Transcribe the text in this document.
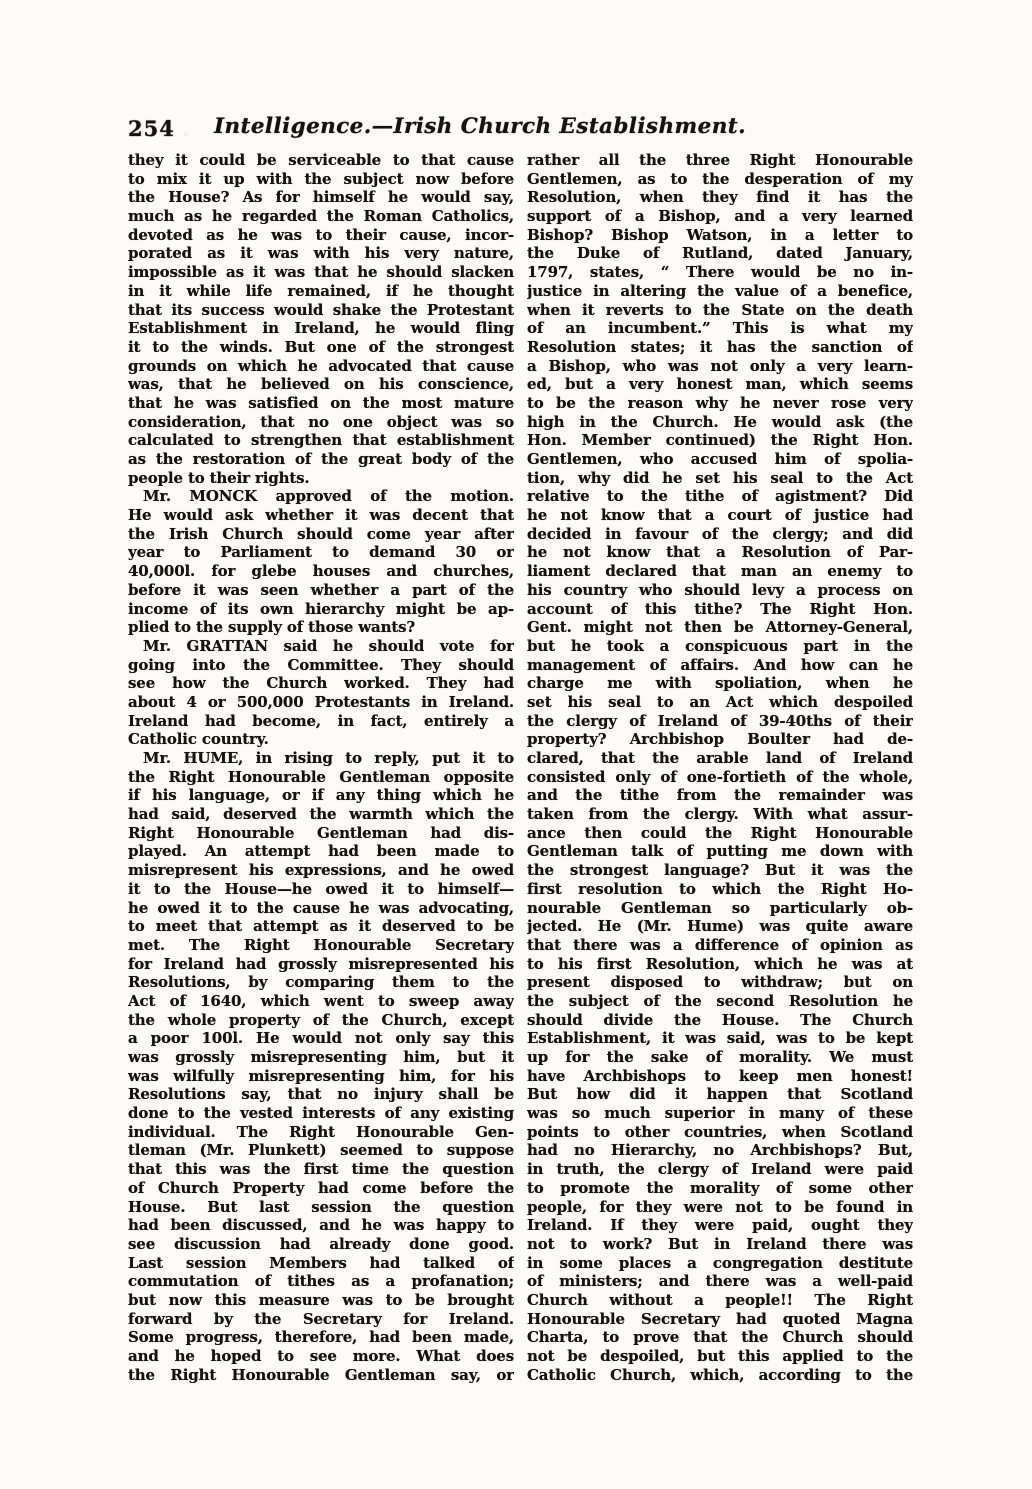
254	Intelligence.—Irish Church Establishment.
they it could be serviceable to that cause
to mix it up with the subject now before
the House? As for himself he would say,
much as he regarded the Roman Catholics,
devoted as he was to their cause, incor-
porated as it was with his very nature,
impossible as it was that he should slacken
in it while life remained, if he thought
that its success would shake the Protestant
Establishment in Ireland, he would fling
it to the winds. But one of the strongest
grounds on which he advocated that cause
was, that he believed on his conscience,
that he was satisfied on the most mature
consideration, that no one object was so
calculated to strengthen that establishment
as the restoration of the great body of the
people to their rights.
Mr. MONCK approved of the motion.
He would ask whether it was decent that
the Irish Church should come year after
year to Parliament to demand 30 or
40,000l. for glebe houses and churches,
before it was seen whether a part of the
income of its own hierarchy might be ap-
plied to the supply of those wants?
Mr. GRATTAN said he should vote for
going into the Committee. They should
see how the Church worked. They had
about 4 or 500,000 Protestants in Ireland.
Ireland had become, in fact, entirely a
Catholic country.
Mr. HUME, in rising to reply, put it to
the Right Honourable Gentleman opposite
if his language, or if any thing which he
had said, deserved the warmth which the
Right Honourable Gentleman had dis-
played. An attempt had been made to
misrepresent his expressions, and he owed
it to the House—he owed it to himself—
he owed it to the cause he was advocating,
to meet that attempt as it deserved to be
met. The Right Honourable Secretary
for Ireland had grossly misrepresented his
Resolutions, by comparing them to the
Act of 1640, which went to sweep away
the whole property of the Church, except
a poor 100l. He would not only say this
was grossly misrepresenting him, but it
was wilfully misrepresenting him, for his
Resolutions say, that no injury shall be
done to the vested interests of any existing
individual. The Right Honourable Gen-
tleman (Mr. Plunkett) seemed to suppose
that this was the first time the question
of Church Property had come before the
House. But last session the question
had been discussed, and he was happy to
see discussion had already done good.
Last session Members had talked of
commutation of tithes as a profanation;
but now this measure was to be brought
forward by the Secretary for Ireland.
Some progress, therefore, had been made,
and he hoped to see more. What does
the Right Honourable Gentleman say, or
rather all the three Right Honourable
Gentlemen, as to the desperation of my
Resolution, when they find it has the
support of a Bishop, and a very learned
Bishop? Bishop Watson, in a letter to
the Duke of Rutland, dated January,
1797, states, “ There would be no in-
justice in altering the value of a benefice,
when it reverts to the State on the death
of an incumbent.” This is what my
Resolution states; it has the sanction of
a Bishop, who was not only a very learn-
ed, but a very honest man, which seems
to be the reason why he never rose very
high in the Church. He would ask (the
Hon. Member continued) the Right Hon.
Gentlemen, who accused him of spolia-
tion, why did he set his seal to the Act
relative to the tithe of agistment? Did
he not know that a court of justice had
decided in favour of the clergy; and did
he not know that a Resolution of Par-
liament declared that man an enemy to
his country who should levy a process on
account of this tithe? The Right Hon.
Gent. might not then be Attorney-General,
but he took a conspicuous part in the
management of affairs. And how can he
charge me with spoliation, when he
set his seal to an Act which despoiled
the clergy of Ireland of 39-40ths of their
property? Archbishop Boulter had de-
clared, that the arable land of Ireland
consisted only of one-fortieth of the whole,
and the tithe from the remainder was
taken from the clergy. With what assur-
ance then could the Right Honourable
Gentleman talk of putting me down with
the strongest language? But it was the
first resolution to which the Right Ho-
nourable Gentleman so particularly ob-
jected. He (Mr. Hume) was quite aware
that there was a difference of opinion as
to his first Resolution, which he was at
present disposed to withdraw; but on
the subject of the second Resolution he
should divide the House. The Church
Establishment, it was said, was to be kept
up for the sake of morality. We must
have Archbishops to keep men honest!
But how did it happen that Scotland
was so much superior in many of these
points to other countries, when Scotland
had no Hierarchy, no Archbishops? But,
in truth, the clergy of Ireland were paid
to promote the morality of some other
people, for they were not to be found in
Ireland. If they were paid, ought they
not to work? But in Ireland there was
in some places a congregation destitute
of ministers; and there was a well-paid
Church without a people!! The Right
Honourable Secretary had quoted Magna
Charta, to prove that the Church should
not be despoiled, but this applied to the
Catholic Church, which, according to the
